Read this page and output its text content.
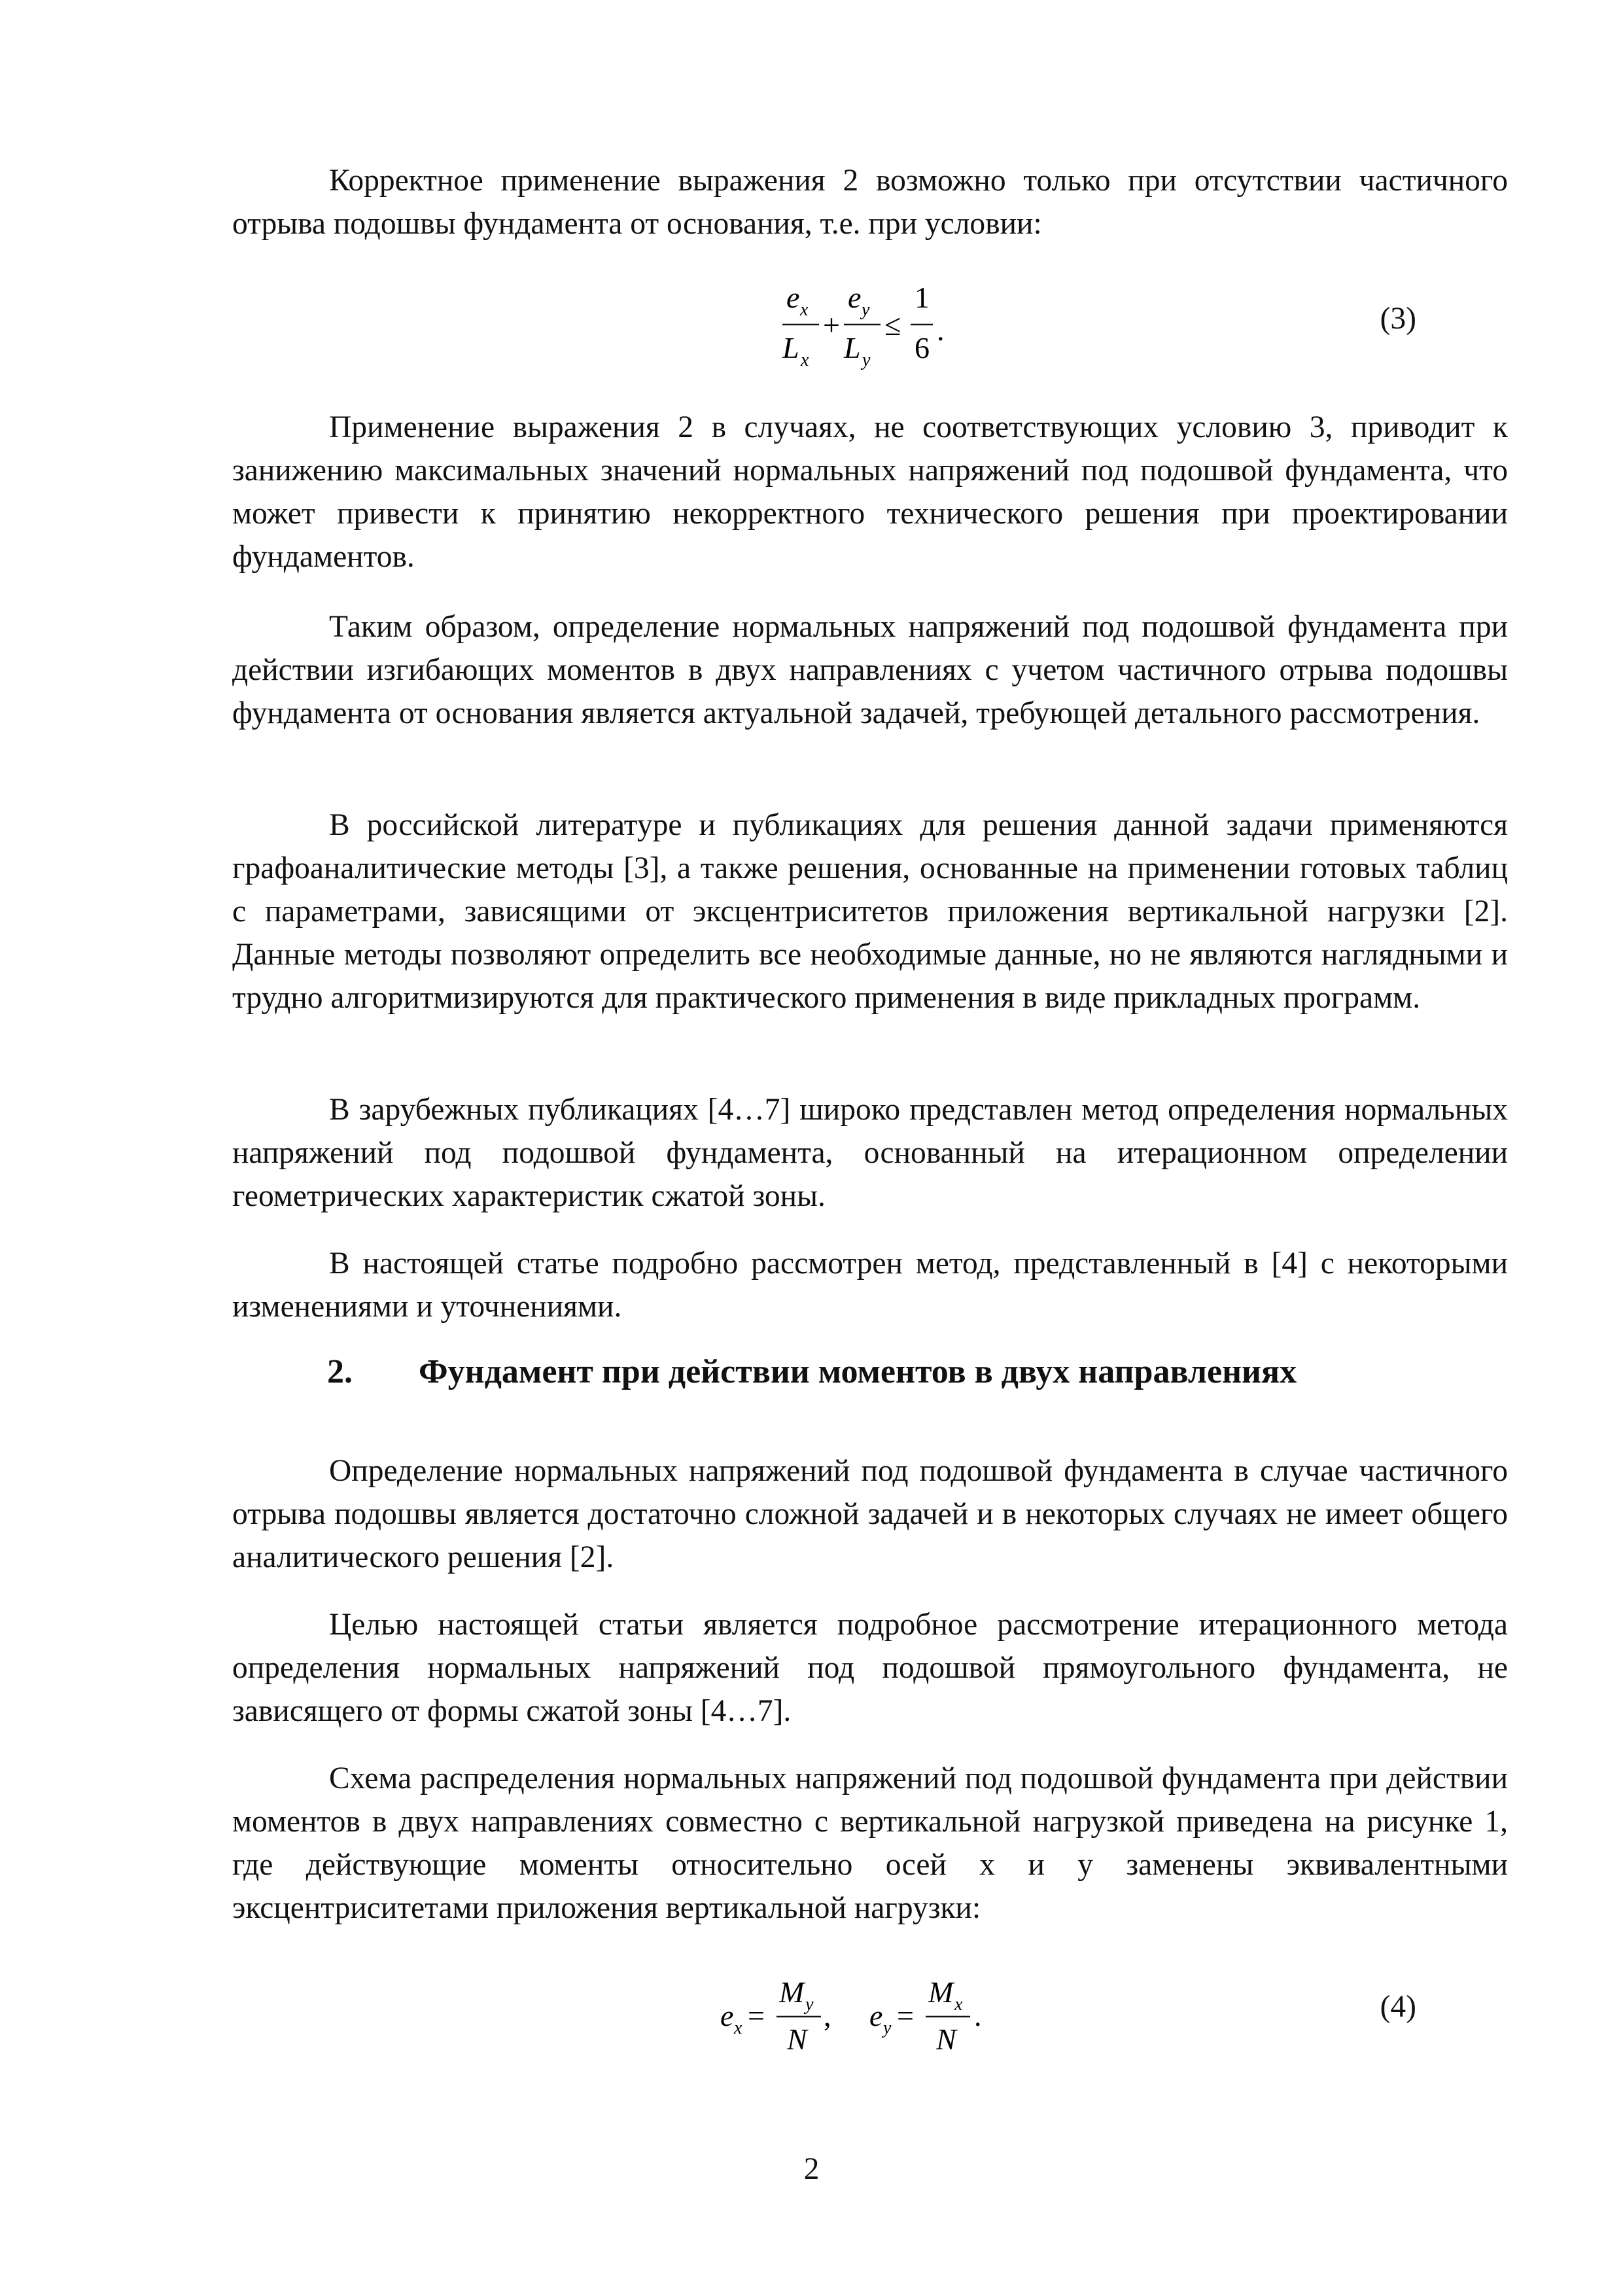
Корректное применение выражения 2 возможно только при отсутствии частичного отрыва подошвы фундамента от основания, т.е. при условии:

e x
L x
+
e y
L y
≤
1
6
.	(3)

Применение выражения 2 в случаях, не соответствующих условию 3, приводит к занижению максимальных значений нормальных напряжений под подошвой фундамента, что может привести к принятию некорректного технического решения при проектировании фундаментов.

Таким образом, определение нормальных напряжений под подошвой фундамента при действии изгибающих моментов в двух направлениях с учетом частичного отрыва подошвы фундамента от основания является актуальной задачей, требующей детального рассмотрения.

В российской литературе и публикациях для решения данной задачи применяются графоаналитические методы [3], а также решения, основанные на применении готовых таблиц с параметрами, зависящими от эксцентриситетов приложения вертикальной нагрузки [2]. Данные методы позволяют определить все необходимые данные, но не являются наглядными и трудно алгоритмизируются для практического применения в виде прикладных программ.

В зарубежных публикациях [4…7] широко представлен метод определения нормальных напряжений под подошвой фундамента, основанный на итерационном определении геометрических характеристик сжатой зоны.

В настоящей статье подробно рассмотрен метод, представленный в [4] с некоторыми изменениями и уточнениями.

2. Фундамент при действии моментов в двух направлениях

Определение нормальных напряжений под подошвой фундамента в случае частичного отрыва подошвы является достаточно сложной задачей и в некоторых случаях не имеет общего аналитического решения [2].

Целью настоящей статьи является подробное рассмотрение итерационного метода определения нормальных напряжений под подошвой прямоугольного фундамента, не зависящего от формы сжатой зоны [4…7].

Схема распределения нормальных напряжений под подошвой фундамента при действии моментов в двух направлениях совместно с вертикальной нагрузкой приведена на рисунке 1, где действующие моменты относительно осей x и y заменены эквивалентными эксцентриситетами приложения вертикальной нагрузки:

e x =
M y
N
, e y =
M x
N
.	(4)
2
